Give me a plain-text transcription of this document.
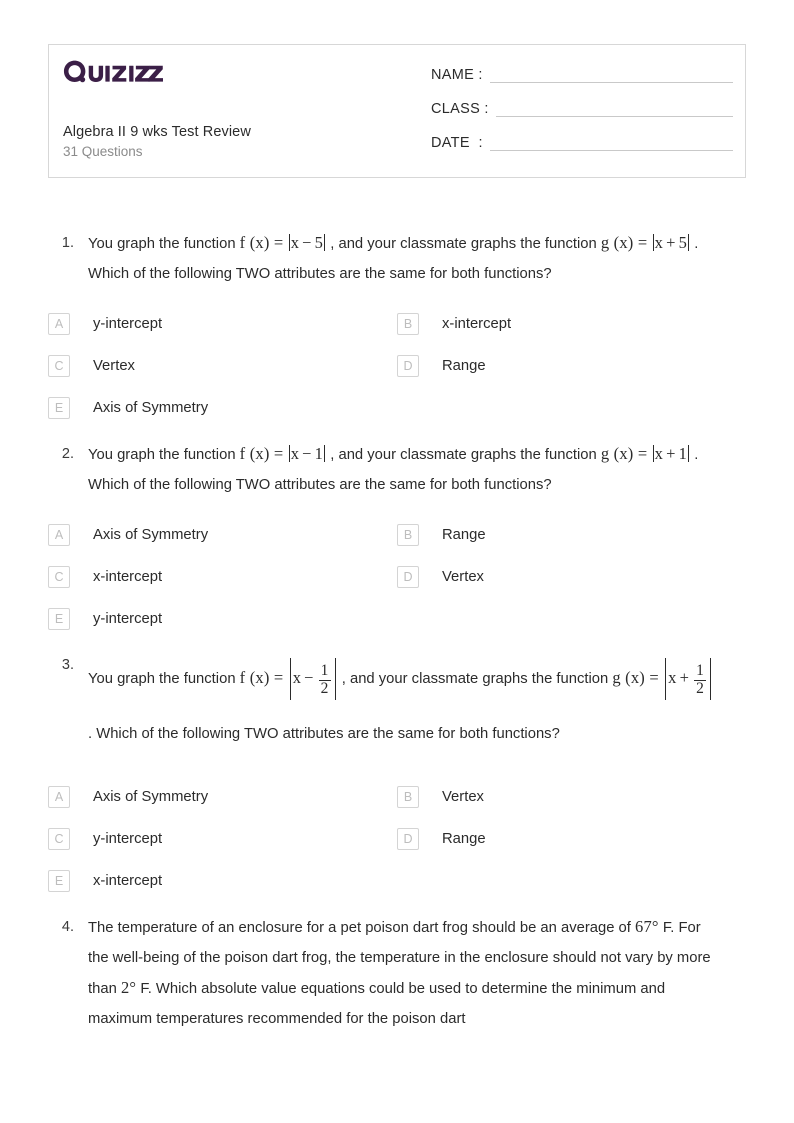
Algebra II 9 wks Test Review
31 Questions
NAME :
CLASS :
DATE  :
1. You graph the function f (x) = x − 5 , and your classmate graphs the function g (x) = x + 5 . Which of the following TWO attributes are the same for both functions?
A	y-intercept	B	x-intercept
C	Vertex	D	Range
E	Axis of Symmetry
2. You graph the function f (x) = x − 1 , and your classmate graphs the function g (x) = x + 1 . Which of the following TWO attributes are the same for both functions?
A	Axis of Symmetry	B	Range
C	x-intercept	D	Vertex
E	y-intercept
3.
You graph the function f $(x) = x - \frac{1}{2}$ , and your classmate graphs the function g $(x) = x + \frac{1}{2}$
. Which of the following TWO attributes are the same for both functions?
A	Axis of Symmetry	B	Vertex
C	y-intercept	D	Range
E	x-intercept
4. The temperature of an enclosure for a pet poison dart frog should be an average of 67° F. For the well-being of the poison dart frog, the temperature in the enclosure should not vary by more than 2° F. Which absolute value equations could be used to determine the minimum and maximum temperatures recommended for the poison dart
